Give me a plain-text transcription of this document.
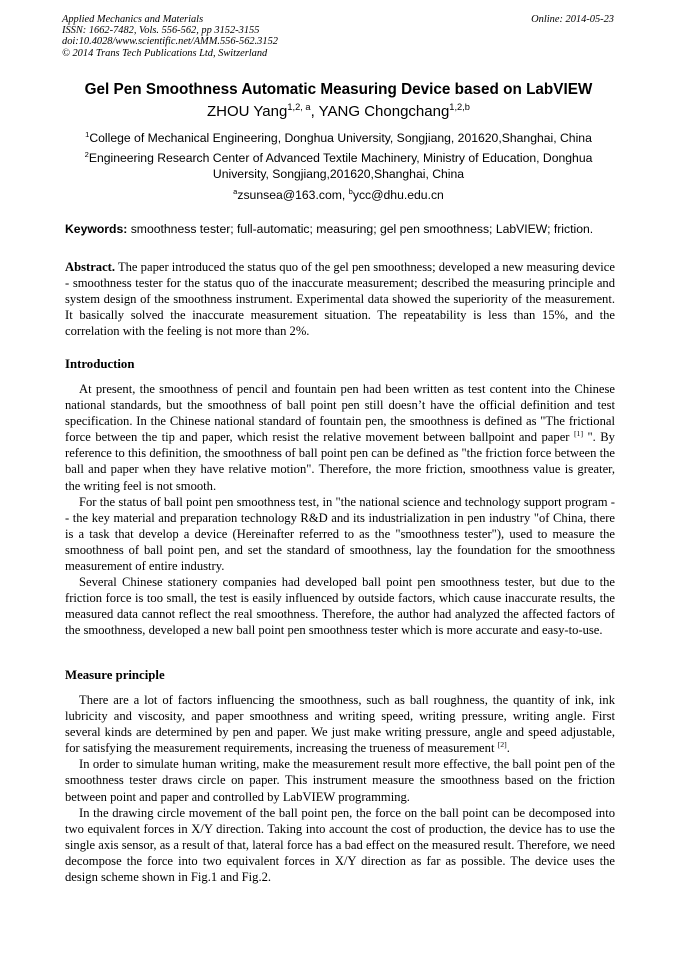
Applied Mechanics and Materials
ISSN: 1662-7482, Vols. 556-562, pp 3152-3155
doi:10.4028/www.scientific.net/AMM.556-562.3152
© 2014 Trans Tech Publications Ltd, Switzerland
Online: 2014-05-23
Gel Pen Smoothness Automatic Measuring Device based on LabVIEW
ZHOU Yang$^{1,2, a}$, YANG Chongchang$^{1,2,b}$
$^1$College of Mechanical Engineering, Donghua University, Songjiang, 201620,Shanghai, China
$^2$Engineering Research Center of Advanced Textile Machinery, Ministry of Education, Donghua
University, Songjiang,201620,Shanghai, China
$^a$zsunsea@163.com, $^b$ycc@dhu.edu.cn
Keywords: smoothness tester; full-automatic; measuring; gel pen smoothness; LabVIEW; friction.
Abstract. The paper introduced the status quo of the gel pen smoothness; developed a new measuring device - smoothness tester for the status quo of the inaccurate measurement; described the measuring principle and system design of the smoothness instrument. Experimental data showed the superiority of the measurement. It basically solved the inaccurate measurement situation. The repeatability is less than 15%, and the correlation with the feeling is not more than 2%.
Introduction

At present, the smoothness of pencil and fountain pen had been written as test content into the Chinese national standards, but the smoothness of ball point pen still doesn’t have the official definition and test specification. In the Chinese national standard of fountain pen, the smoothness is defined as "The frictional force between the tip and paper, which resist the relative movement between ballpoint and paper [1] ". By reference to this definition, the smoothness of ball point pen can be defined as "the friction force between the ball and paper when they have relative motion". Therefore, the more friction, smoothness value is greater, the writing feel is not smooth.

For the status of ball point pen smoothness test, in "the national science and technology support program -- the key material and preparation technology R&D and its industrialization in pen industry "of China, there is a task that develop a device (Hereinafter referred to as the "smoothness tester"), used to measure the smoothness of ball point pen, and set the standard of smoothness, lay the foundation for the smoothness measurement of entire industry.

Several Chinese stationery companies had developed ball point pen smoothness tester, but due to the friction force is too small, the test is easily influenced by outside factors, which cause inaccurate results, the measured data cannot reflect the real smoothness. Therefore, the author had analyzed the affected factors of the smoothness, developed a new ball point pen smoothness tester which is more accurate and easy-to-use.

Measure principle

There are a lot of factors influencing the smoothness, such as ball roughness, the quantity of ink, ink lubricity and viscosity, and paper smoothness and writing speed, writing pressure, writing angle. First several kinds are determined by pen and paper. We just make writing pressure, angle and speed adjustable, for satisfying the measurement requirements, increasing the trueness of measurement [2].

In order to simulate human writing, make the measurement result more effective, the ball point pen of the smoothness tester draws circle on paper. This instrument measure the smoothness based on the friction between point and paper and controlled by LabVIEW programming.

In the drawing circle movement of the ball point pen, the force on the ball point can be decomposed into two equivalent forces in X/Y direction. Taking into account the cost of production, the device has to use the single axis sensor, as a result of that, lateral force has a bad effect on the measured result. Therefore, we need decompose the force into two equivalent forces in X/Y direction as far as possible. The device uses the design scheme shown in Fig.1 and Fig.2.
